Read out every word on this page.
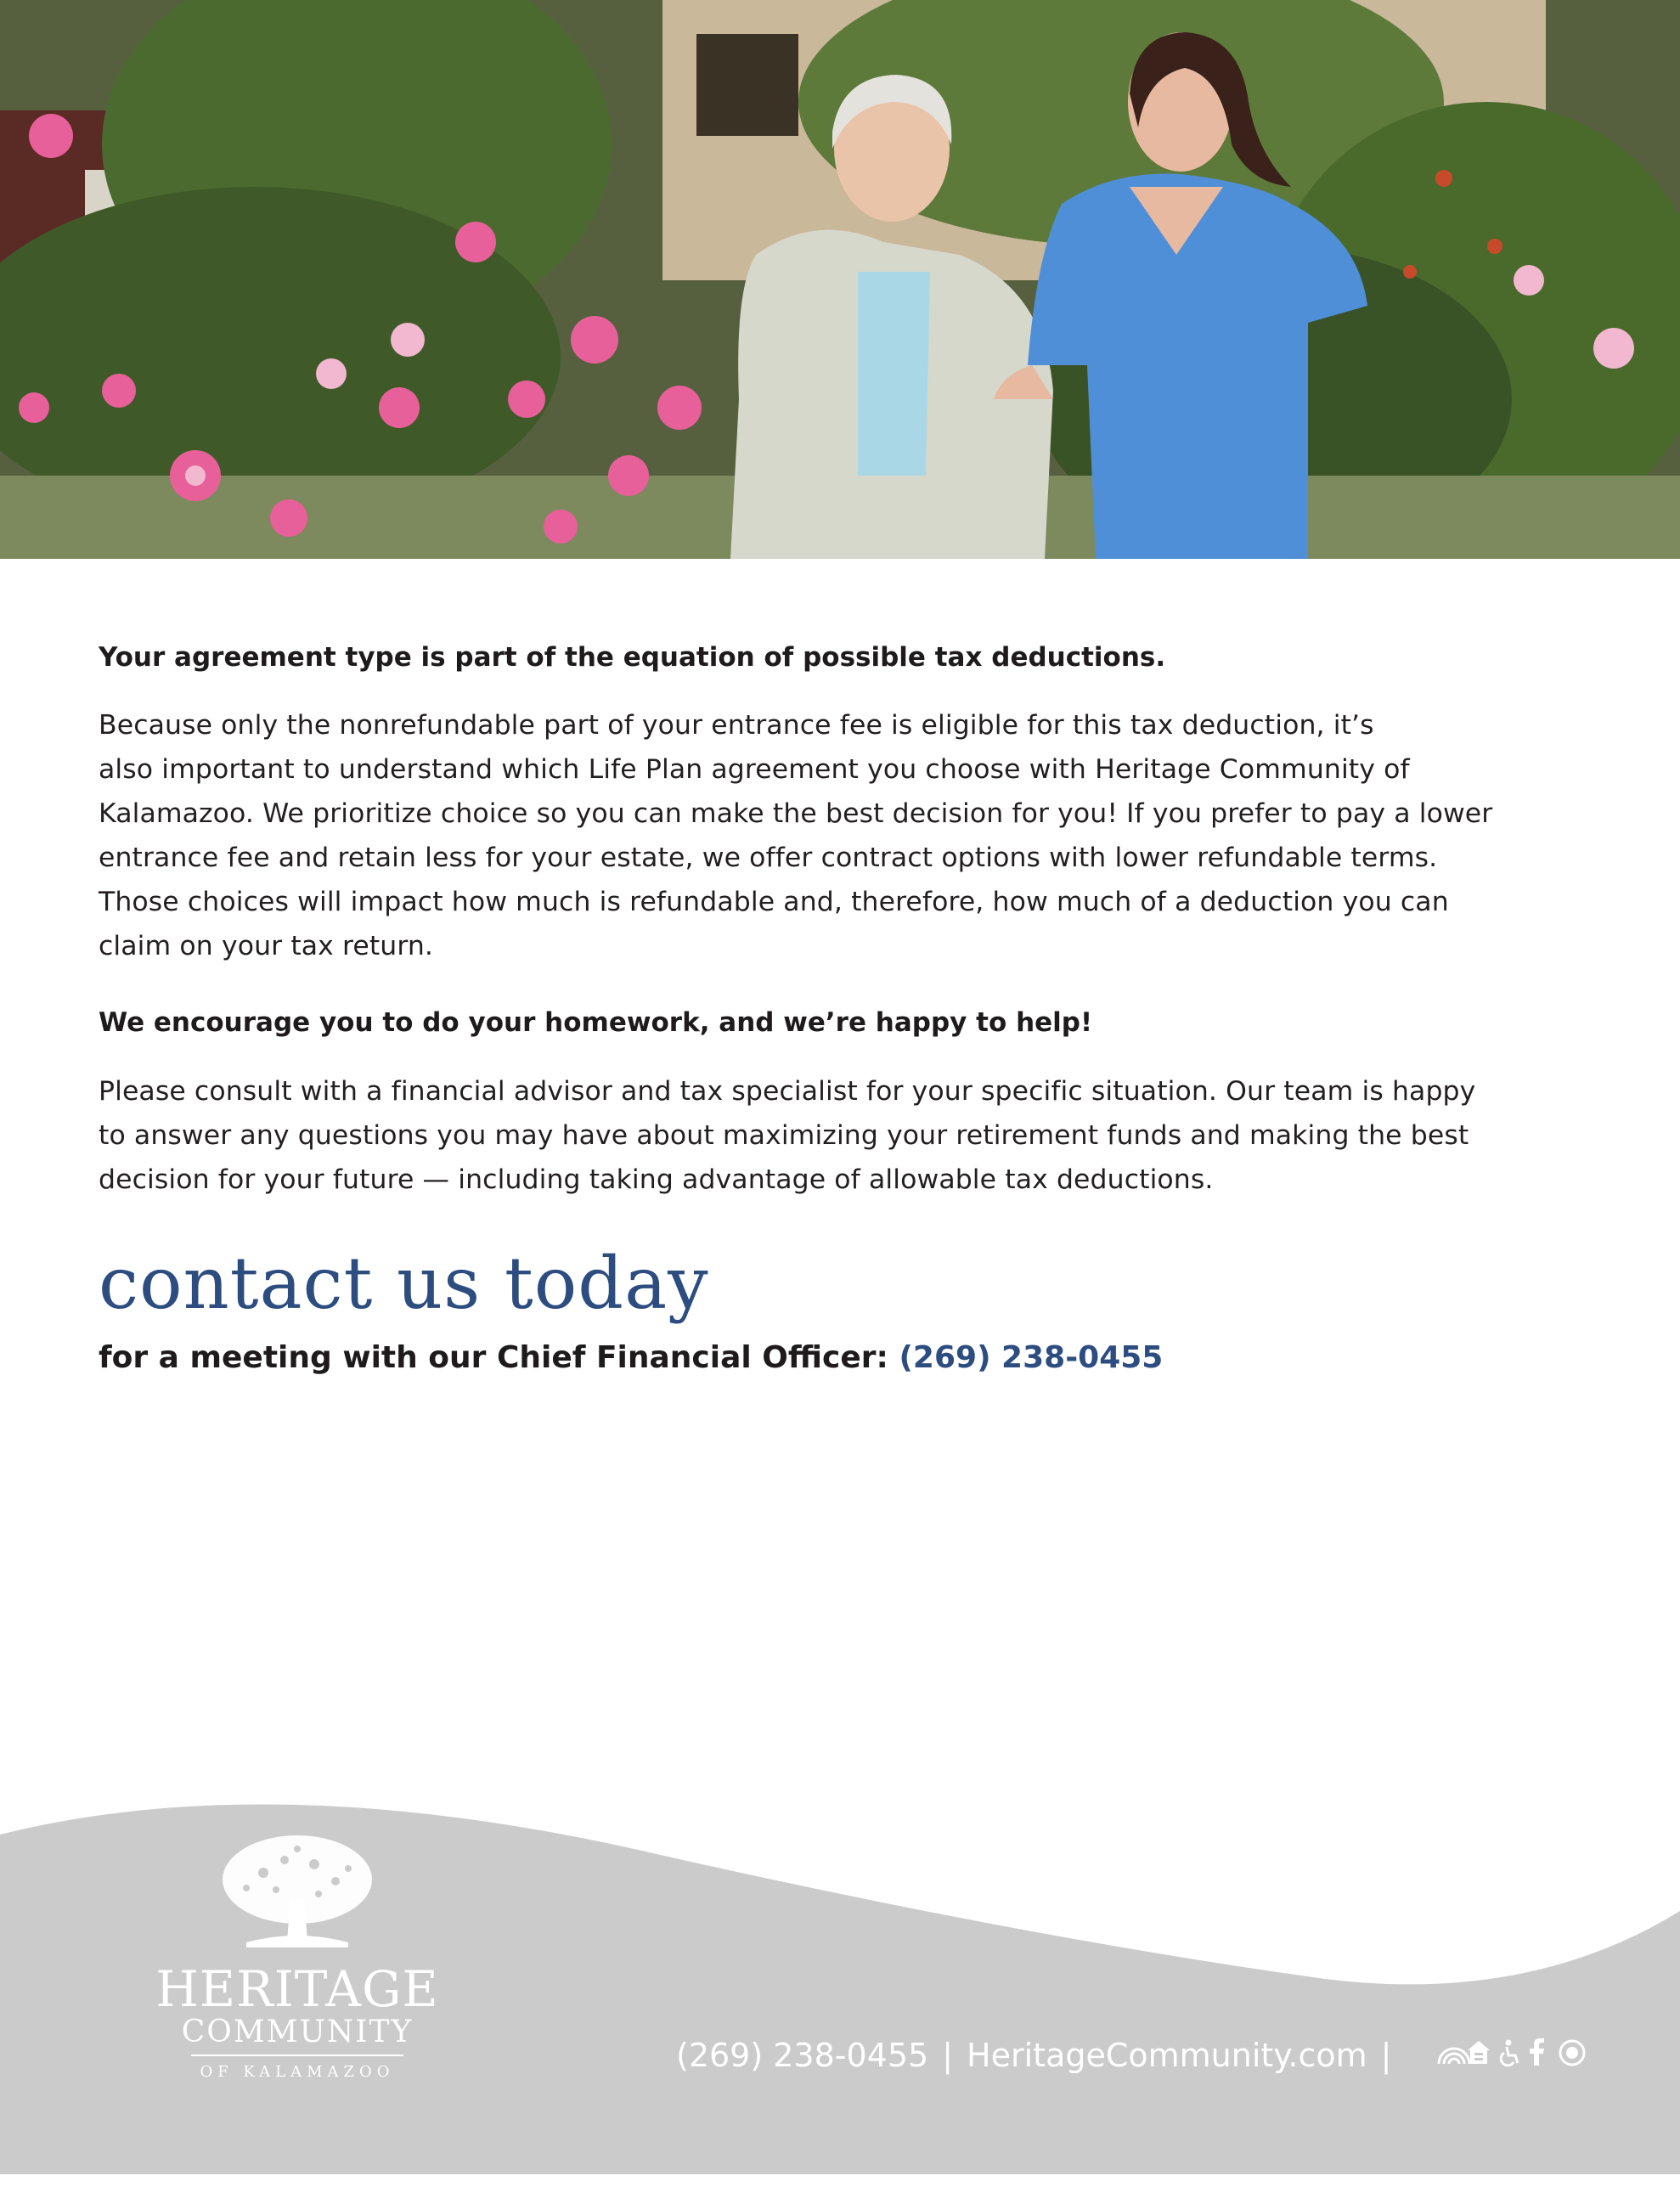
Your agreement type is part of the equation of possible tax deductions.

Because only the nonrefundable part of your entrance fee is eligible for this tax deduction, it’s
also important to understand which Life Plan agreement you choose with Heritage Community of
Kalamazoo. We prioritize choice so you can make the best decision for you! If you prefer to pay a lower
entrance fee and retain less for your estate, we offer contract options with lower refundable terms.
Those choices will impact how much is refundable and, therefore, how much of a deduction you can
claim on your tax return.

We encourage you to do your homework, and we’re happy to help!

Please consult with a financial advisor and tax specialist for your specific situation. Our team is happy
to answer any questions you may have about maximizing your retirement funds and making the best
decision for your future — including taking advantage of allowable tax deductions.

contact us today

for a meeting with our Chief Financial Officer: (269) 238-0455

HERITAGE
COMMUNITY
OF KALAMAZOO	(269) 238-0455 | HeritageCommunity.com |
